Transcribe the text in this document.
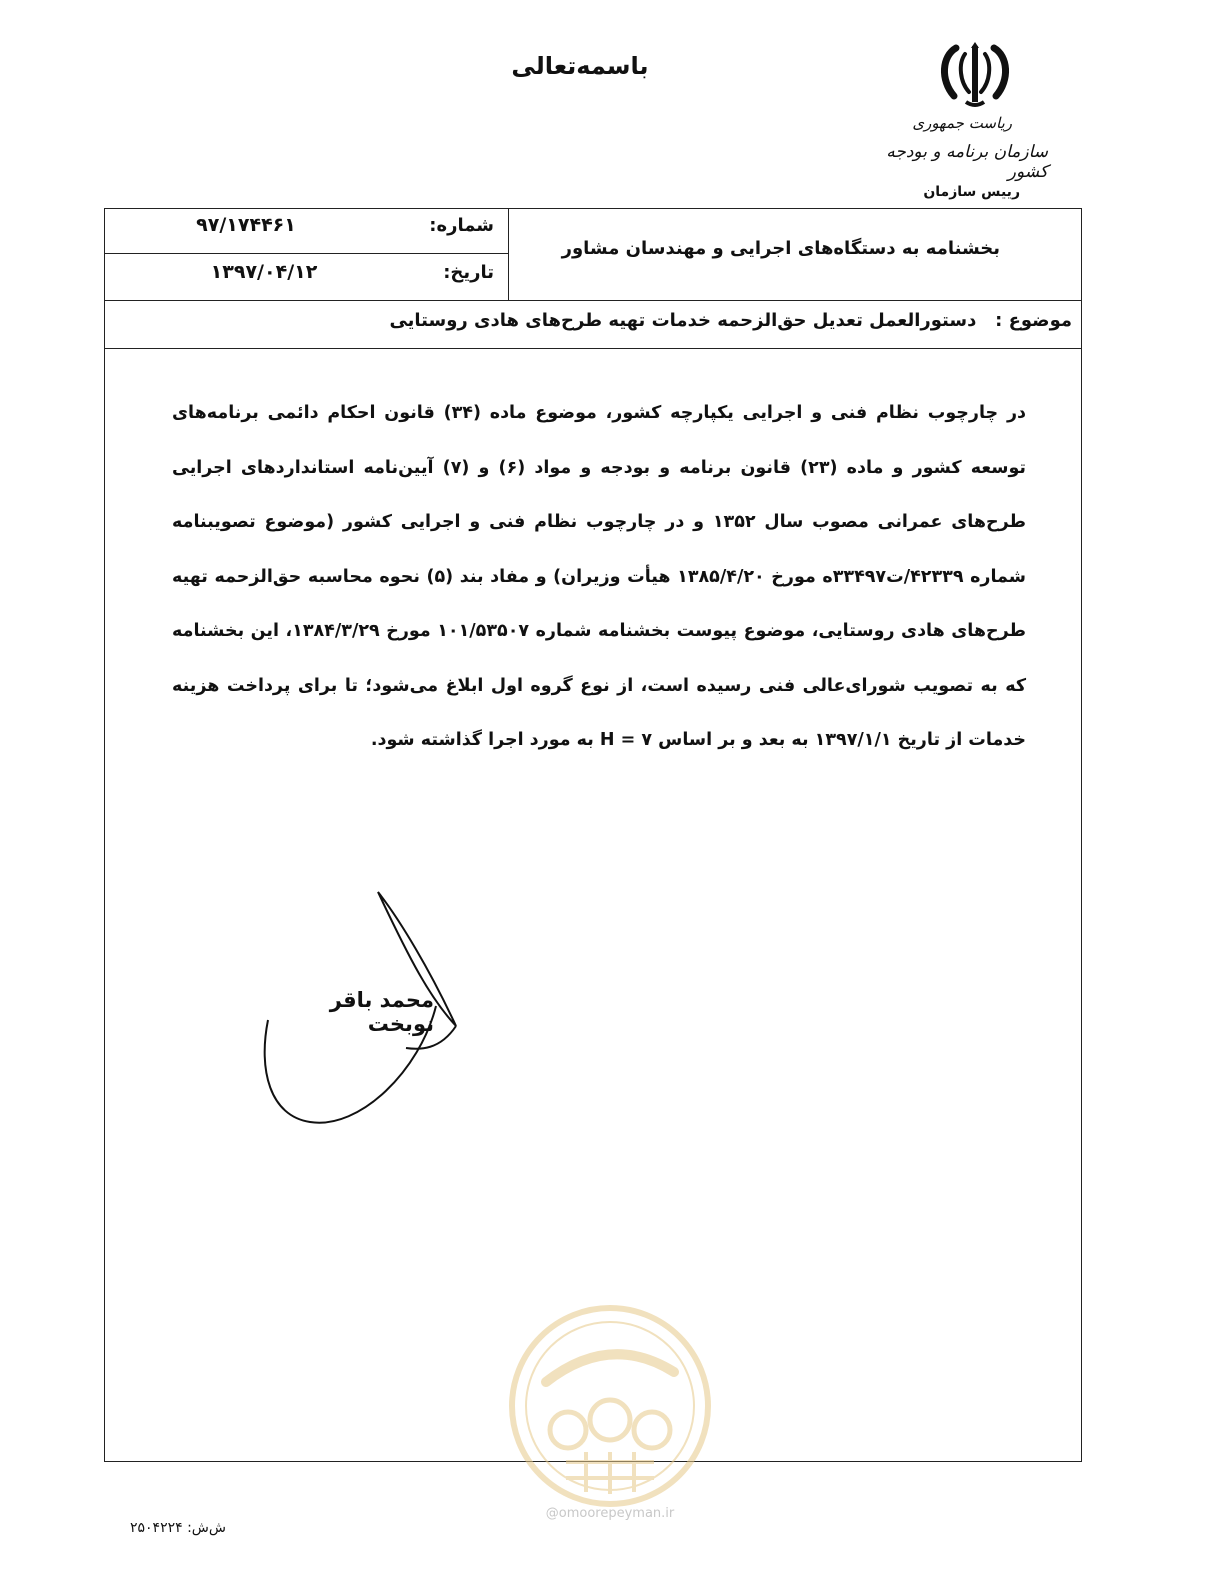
باسمه‌تعالی
ریاست جمهوری
سازمان برنامه و بودجه کشور
رییس سازمان
شماره:
۹۷/۱۷۴۴۶۱
تاریخ:
۱۳۹۷/۰۴/۱۲
بخشنامه به دستگاه‌های اجرایی و مهندسان مشاور
موضوع :   دستورالعمل تعدیل حق‌الزحمه خدمات تهیه طرح‌های هادی روستایی
در چارچوب نظام فنی و اجرایی یکپارچه کشور، موضوع ماده (۳۴) قانون احکام دائمی برنامه‌های توسعه کشور و ماده (۲۳) قانون برنامه و بودجه و مواد (۶) و (۷) آیین‌نامه استانداردهای اجرایی طرح‌های عمرانی مصوب سال ۱۳۵۲ و در چارچوب نظام فنی و اجرایی کشور (موضوع تصویبنامه شماره ۴۲۳۳۹/ت۳۳۴۹۷ه مورخ ۱۳۸۵/۴/۲۰ هیأت وزیران) و مفاد بند (۵) نحوه محاسبه حق‌الزحمه تهیه طرح‌های هادی روستایی، موضوع پیوست بخشنامه شماره ۱۰۱/۵۳۵۰۷ مورخ ۱۳۸۴/۳/۲۹، این بخشنامه که به تصویب شورای‌عالی فنی رسیده است، از نوع گروه اول ابلاغ می‌شود؛ تا برای پرداخت هزینه خدمات از تاریخ ۱۳۹۷/۱/۱ به بعد و بر اساس H = ۷ به مورد اجرا گذاشته شود.
محمد باقر نوبخت
@omoorepeyman.ir
ش‌ش: ۲۵۰۴۲۲۴
